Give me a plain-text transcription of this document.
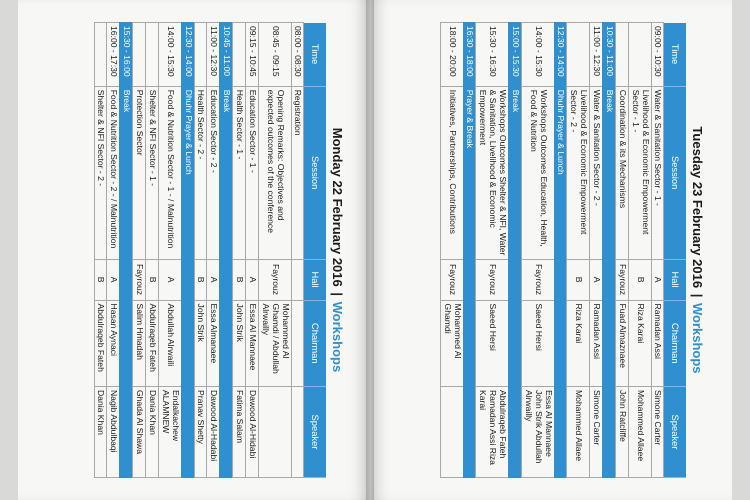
Monday 22 February 2016 | Workshops
Time	Session	Hall	Chairman	Speaker
08:00 - 08:30	Registration			
08:45 - 09:15	Opening Remarks: Objectives and expected outcomes of the conference	Fayrouz	Mohammed Al Ghamdi / Abdullah Alrwailly	
09:15 - 10:45	Education Sector - 1 -	A	Essa Al Mannaee	Dawood Al-Hidabi
	Health Sector - 1 -	B	John Strik	Fatima Salam
10:45 - 11:00	Break			
11:00 - 12:30	Education Sector - 2 -	A	Essa Almanaee	Dawood Al-Hadabi
	Health Sector - 2 -	B	John Strik	Pranav Shetty
12:30 - 14:00	Dhuhr Prayer & Lunch			
14:00 - 15:30	Food & Nutrition Sector - 1 - / Malnutrition	A	Abdullah Alrwaili	Endalkachew ALAMNEW
	Shelter & NFI Sector - 1 -	B	Abdulraqeb Fateh	Dania Khan
	Protection Sector	Fayrouz	Salim Hmadah	Ghada Al Shawa
15:30 - 16:00	Break			
16:00 - 17:30	Food & Nutrition Sector - 2 - / Malnutrition	A	Hasan Aynaci	Nagib Abdulbaqi
	Shelter & NFI Sector - 2 -	B	Abdulraqeb Fateh	Dania Khan
Tuesday 23 February 2016 | Workshops
Time	Session	Hall	Chairman	Speaker
09:00 - 10:30	Water & Sanitation Sector - 1 -	A	Ramadan Assi	Simone Carter
	Livelihood & Economic Empowerment Sector - 1 -	B	Riza Karai	Mohammed Allaee
	Coordination & its Mechanisms	Fayrouz	Fuad Almaznaee	John Ratcliffe
10:30 - 11:00	Break			
11:00 - 12:30	Water & Sanitation Sector - 2 -	A	Ramadan Assi	Simone Carter
	Livelihood & Economic Empowerment Sector - 2 -	B	Riza Karai	Mohammed Allaee
12:30 - 14:00	Dhuhr Prayer & Lunch			
14:00 - 15:30	Workshops Outcomes Education, Health, Food & Nutrition	Fayrouz	Saeed Hersi	Essa Al Mannaee John Strik Abdullah Alrwailly
15:00 - 15:30	Break			
15:30 - 16:30	Workshops Outcomes Shelter & NFI, Water & Sanitation, Livelihood & Economic Empowerment	Fayrouz	Saeed Hersi	Abdulraqeb Fateh Ramadan Assi Riza Karai
16:30 - 18:00	Prayer & Break			
18:00 - 20:00	Initiatives, Partnerships, Contributions	Fayrouz	Mohammed Al Ghamdi	
